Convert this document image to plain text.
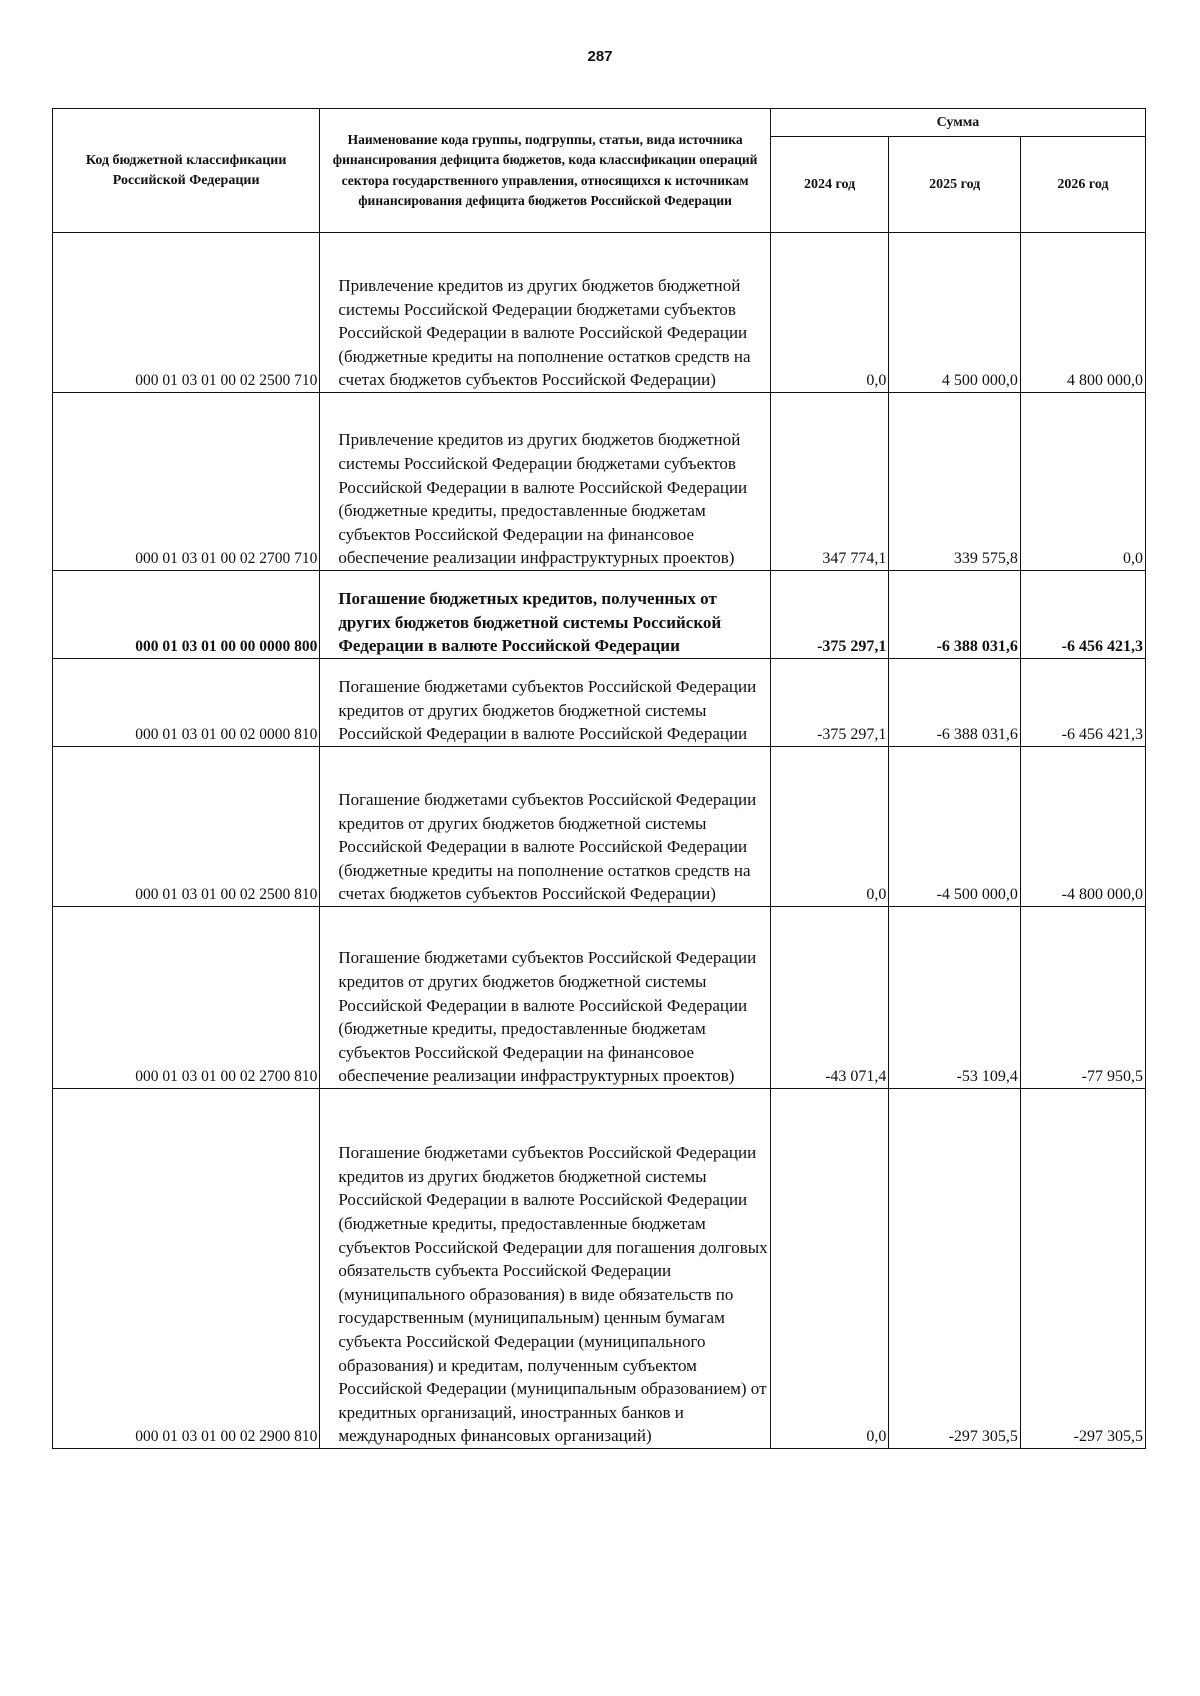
287
Код бюджетной классификации Российской Федерации	Наименование кода группы, подгруппы, статьи, вида источника финансирования дефицита бюджетов, кода классификации операций сектора государственного управления, относящихся к источникам финансирования дефицита бюджетов Российской Федерации	Сумма		
		2024 год	2025 год	2026 год
000 01 03 01 00 02 2500 710	Привлечение кредитов из других бюджетов бюджетной системы Российской Федерации бюджетами субъектов Российской Федерации в валюте Российской Федерации (бюджетные кредиты на пополнение остатков средств на счетах бюджетов субъектов Российской Федерации)	0,0	4 500 000,0	4 800 000,0
000 01 03 01 00 02 2700 710	Привлечение кредитов из других бюджетов бюджетной системы Российской Федерации бюджетами субъектов Российской Федерации в валюте Российской Федерации (бюджетные кредиты, предоставленные бюджетам субъектов Российской Федерации на финансовое обеспечение реализации инфраструктурных проектов)	347 774,1	339 575,8	0,0
000 01 03 01 00 00 0000 800	Погашение бюджетных кредитов, полученных от других бюджетов бюджетной системы Российской Федерации в валюте Российской Федерации	-375 297,1	-6 388 031,6	-6 456 421,3
000 01 03 01 00 02 0000 810	Погашение бюджетами субъектов Российской Федерации кредитов от других бюджетов бюджетной системы Российской Федерации в валюте Российской Федерации	-375 297,1	-6 388 031,6	-6 456 421,3
000 01 03 01 00 02 2500 810	Погашение бюджетами субъектов Российской Федерации кредитов от других бюджетов бюджетной системы Российской Федерации в валюте Российской Федерации (бюджетные кредиты на пополнение остатков средств на счетах бюджетов субъектов Российской Федерации)	0,0	-4 500 000,0	-4 800 000,0
000 01 03 01 00 02 2700 810	Погашение бюджетами субъектов Российской Федерации кредитов от других бюджетов бюджетной системы Российской Федерации в валюте Российской Федерации (бюджетные кредиты, предоставленные бюджетам субъектов Российской Федерации на финансовое обеспечение реализации инфраструктурных проектов)	-43 071,4	-53 109,4	-77 950,5
000 01 03 01 00 02 2900 810	Погашение бюджетами субъектов Российской Федерации кредитов из других бюджетов бюджетной системы Российской Федерации в валюте Российской Федерации (бюджетные кредиты, предоставленные бюджетам субъектов Российской Федерации для погашения долговых обязательств субъекта Российской Федерации (муниципального образования) в виде обязательств по государственным (муниципальным) ценным бумагам субъекта Российской Федерации (муниципального образования) и кредитам, полученным субъектом Российской Федерации (муниципальным образованием) от кредитных организаций, иностранных банков и международных финансовых организаций)	0,0	-297 305,5	-297 305,5
